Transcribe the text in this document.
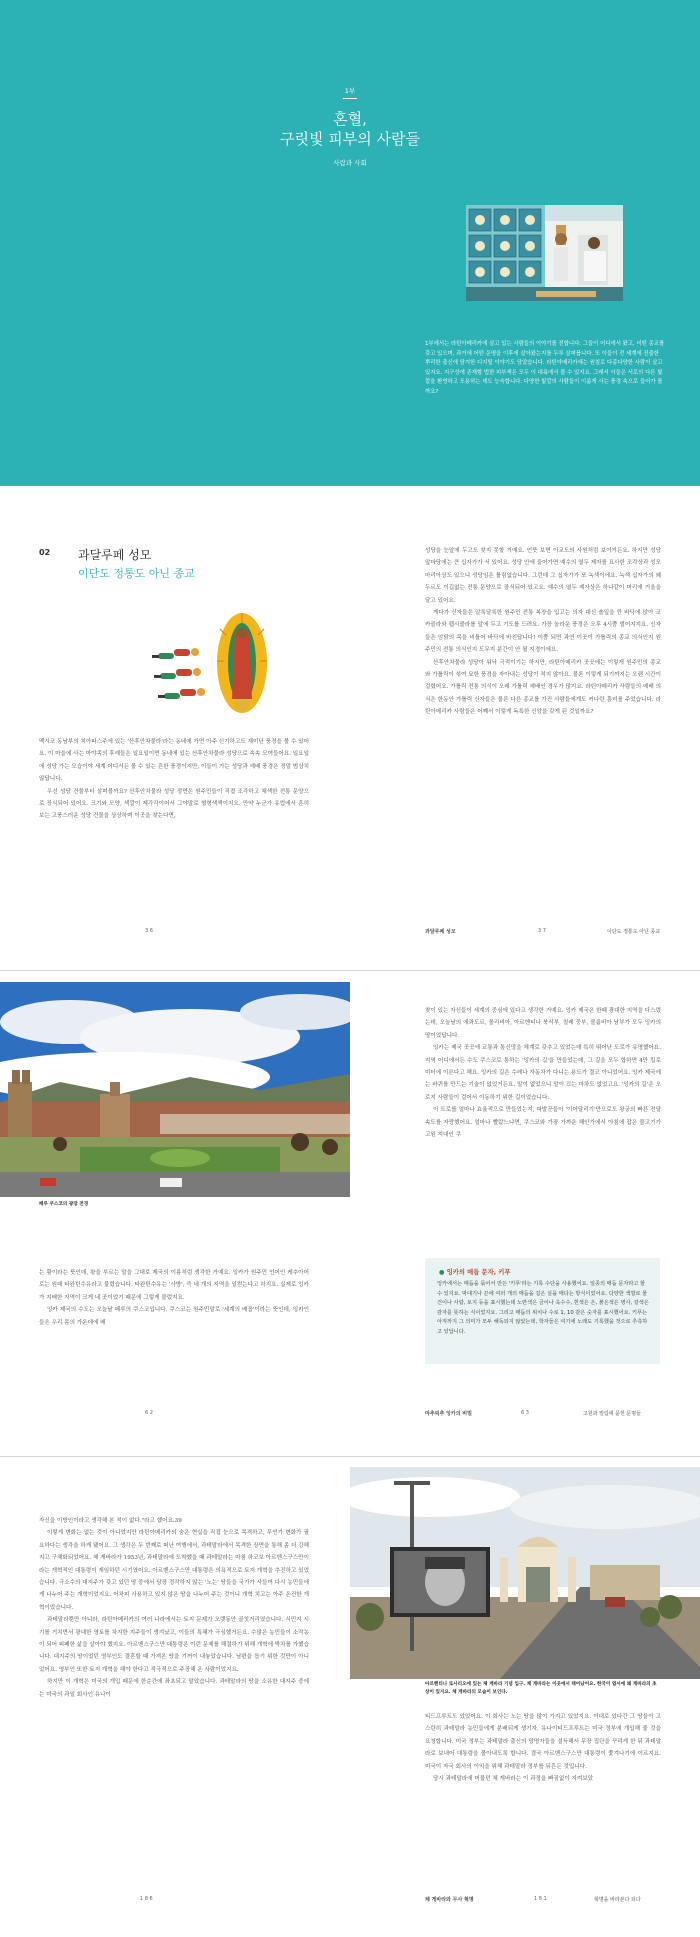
1부
혼혈,
구릿빛 피부의 사람들
사람과 사회

1부에서는 라틴아메리카에 살고 있는 사람들의 이야기를 전합니다. 그들이 어디에서 왔고, 어떤 종교를 갖고 있으며, 과거에 어떤 운명을 이후에 살아왔는지를 두루 살펴봅니다. 또 이들이 전 세계에 진출한 뿌리한 출신에 담겨한 디지털 이야기도 담았습니다. 라틴아메리카에는 원칠로 다종다양한 사람이 살고 있지요. 지구상에 존재할 법한 피부색은 모두 이 대륙에서 볼 수 있지요. 그래서 이들은 서로의 다른 빛깔을 환영하고 포용하는 데도 능숙합니다. 다양한 빛깔의 사람들이 이룸게 사는 풍경 속으로 들어가 볼까요?

02 과달루페 성모
이단도 정통도 아닌 종교

멕시코 동남부의 치아파스주에 있는 '산후안차물라'라는 동네에 가면 아주 신기하고도 재미난 풍경을 볼 수 있어요. 이 마을에 사는 마야족의 후예들은 일요일이면 동네에 있는 산후안차물라 성당으로 속속 모여들어요. 일요일에 성당 가는 모습이야 세계 어디서든 볼 수 있는 흔한 풍경이지만, 이들이 가는 성당과 예배 풍경은 정말 범상치 않답니다.

우선 성당 건물부터 살펴볼까요? 산후안차물라 성당 정면은 원주민들이 직접 조각하고 채색한 전통 문양으로 장식되어 있어요. 크기와 모양, 색깔이 제각각이어서 그야말로 형형색색이지요. 만약 누군가 유럽에서 흔히 보는 고풍스러운 성당 건물을 상상하며 이곳을 찾는다면,

성당을 눈앞에 두고도 찾지 못할 거예요. 언뜻 보면 이교도의 사원처럼 보이거든요. 하지만 성당 앞마당에는 큰 십자가가 서 있어요. 성당 안에 들어가면 예수의 열두 제자를 묘사한 조각상과 성모 마리아상도 있으니 성당임은 틀림없습니다. 그런데 그 십자가가 또 녹색이에요. 녹색 십자가의 왜두르도 이깁없는 전통 문양으로 장식되어 있고요. 예수의 열두 제자상은 하나같이 머리에 거울을 달고 있어요.

게다가 신자들은 알록달록한 원주민 전통 복장을 입고는 의자 대신 솔잎을 깐 바닥에 앉아 코카콜라와 펩시콜라를 앞에 두고 기도를 드려요. 가장 놀라운 풍경은 오후 4시쯤 벌어지지요. 신자들은 암탉의 목을 비틀어 바닥에 바친답니다! 이쯤 되면 과연 이곳이 가톨릭의 종교 의식인지 원주민의 전통 의식인지 도무지 분간이 안 될 지경이에요.

산후안차물라 성당이 워낙 극적이기는 하지만, 라틴아메리카 곳곳에는 이렇게 원주민의 종교와 가톨릭이 섞여 묘한 풍경을 자아내는 성당이 적지 않아요. 물론 이렇게 되기까지는 오랜 시간이 걸렸어요. 가톨릭 전통 의식이 오래 가톨릭 예배인 경우가 많지요. 라틴아메리카 사람들의 예배 의식은 한동안 가톨릭 신자들은 물론 다른 종교를 가진 사람들에게도 커다란 흥미를 주었습니다. 라틴아메리카 사람들은 어째서 이렇게 독특한 신앙을 갖게 된 것일까요?

3 6	과달루페 성모	3 7	이단도 정통도 아닌 종교
페루 쿠스코의 광장 전경

찾이 있는 자신들이 세계의 중심에 있다고 생각한 거예요. 잉카 제국은 한때 광대한 지역을 다스렸는데, 오늘날의 에콰도르, 볼리비아, 아르헨티나 북서부, 칠레 중부, 콜롬비아 남부가 모두 잉카의 땅이었답니다.

잉카는 제국 곳곳에 교통과 통신망을 체계로 갖추고 있었는데 특히 뛰어난 도로가 유명했어요. 지역 어디에서든 수도 쿠스코로 통하는 '잉카의 길'을 만들었는데, 그 길을 모두 합하면 4만 킬로미터에 이른다고 해요. 잉카의 길은 수레나 자동차가 다니는 용도가 결코 아니었어요. 잉카 제국에는 바퀴를 만드는 기술이 없었거든요. 말이 없었으니 말이 끄는 마차도 없었고요. '잉카의 길'은 오로지 사람들이 걸어서 이동하기 위한 길이었습니다.

이 도로를 얼마나 효율적으로 만들었는지, 파발꾼들이 '이어달리기'만으로도 왕궁의 빠른 전달 속도를 자랑했어요. 얼마나 빨랐느냐면, 쿠스코와 가장 가까운 해안가에서 아침에 잡은 물고기가 고원 지대인 쿠

는 황이라는 뜻인데, 왕을 부르는 말을 그대로 제국의 이름처럼 생각한 거예요. 잉카가 원주민 언어인 케추아어로는 원래 타완틴수유라고 불렀습니다. 타완틴수유는 '사방', 즉 네 개의 지역을 일컫는다고 하지요. 실제로 잉카가 지배한 지역이 크게 네 곳이었기 때문에 그렇게 불렀지요.

잉카 제국의 수도는 오늘날 페루의 쿠스코입니다. 쿠스코는 원주민말로 '세계의 배꼽'이라는 뜻인데, 잉카인들은 우리 몸의 가운데에 배

● 잉카의 매듭 문자, 키푸

잉카에서는 매듭을 묶어서 만든 '키푸'라는 기록 수단을 사용했어요. 일종의 매듭 문자라고 할 수 있지요. 막대기나 끈에 여러 개의 매듭을 길은 실을 매다는 방식이었어요. 다양한 색깔로 물건이나 사람, 토지 등을 표시했는데 노란색은 금이나 옥수수, 흰색은 은, 붉은색은 병사, 갈색은 감자를 뜻하는 식이었지요. 그리고 매듭의 위치나 수로 1, 10 같은 숫자를 표시했어요. 키푸는 아직까지 그 의미가 모두 해독되지 않았는데, 학자들은 여기에 노래도 기록했을 것으로 추측하고 있답니다.

6 2	마추픽추 잉카의 비밀	6 3	고원과 밀림에 묻힌 문명들

자신을 이방인이라고 생각해 본 적이 없다."라고 했어요.39

이렇게 변화는 없는 것이 아니었지만 라틴아메리카의 숨은 현실을 직접 눈으로 목격하고, 무언가 변화가 필요하다는 생각을 하게 됐어요. 그 생각은 두 번째로 떠난 여행에서, 과테말라에서 목격한 장면을 통해 좀 더 강해지고 구체화되었어요. 체 게바라가 1953년, 과테말라에 도착했을 때 과테말라는 마침 하코보 아르벤스구스만이라는 개혁적인 대통령이 재임하던 시기였어요. 아르벤스구스만 대통령은 의욕적으로 토지 개혁을 추진하고 있었습니다. 극소수의 대지주가 갖고 있던 땅 중에서 당장 경작하지 않는 '노는' 땅들을 국가가 사들여 다시 농민들에게 나누어 주는 개혁이었지요. 어차피 사용하고 있지 않은 땅을 나누어 주는 것이니 개혁 치고는 아주 온건한 개혁이었습니다.

과테말라뿐만 아니라, 라틴아메리카의 여러 나라에서는 토지 문제가 오랫동안 골칫거리였습니다. 식민지 시기를 거치면서 광대한 영토를 차지한 지주들이 생겨났고, 이들의 특혜가 극심했거든요. 수많은 농민들이 소작농이 되어 피폐한 삶을 살아야 했지요. 아르벤스구스만 대통령은 이런 문제를 해결하기 위해 개혁에 박차를 가했습니다. 대지주의 땅이었던 영부인도 결혼할 때 가져온 땅을 기꺼이 내놓았습니다. 남편을 돕기 위한 것만이 아니었어요. 영부인 또한 토지 개혁을 해야 한다고 적극적으로 주장해 온 사람이었지요.

하지만 이 개혁은 미국의 개입 때문에 한순간에 좌초되고 말았습니다. 과테말라의 땅을 소유한 대지주 중에는 미국의 과일 회사인 유나이

아르헨티나 로사리오에 있는 체 게바라 기념 입구. 체 게바라는 이곳에서 태어났어요. 한국이 엽서에 왜 게바라의 초상이 있지요. 체 게바라의 모습이 보인다.

티드프루트도 있었어요. 이 회사는 노는 땅을 많이 가지고 있었지요. 이대로 있다간 그 땅들이 고스란히 과테말라 농민들에게 분배되게 생기자, 유나이티드프루트는 미국 정부에 개입해 줄 것을 요청합니다. 미국 정부는 과테말라 출신의 망명자들을 설득해서 무장 집단을 꾸리게 한 뒤 과테말라로 보내어 대통령을 몰아내도록 합니다. 결국 아르벤스구스만 대통령이 쫓겨나기에 이르지요. 미국이 자국 회사의 이익을 위해 과테말라 정부를 뒤흔든 것입니다.

당시 과테말라에 머물던 체 게바라는 이 과정을 빠짐없이 지켜보았

1 8 6	체 게바라와 무사 혁명	1 8 1	혁명을 바라본다 되다
